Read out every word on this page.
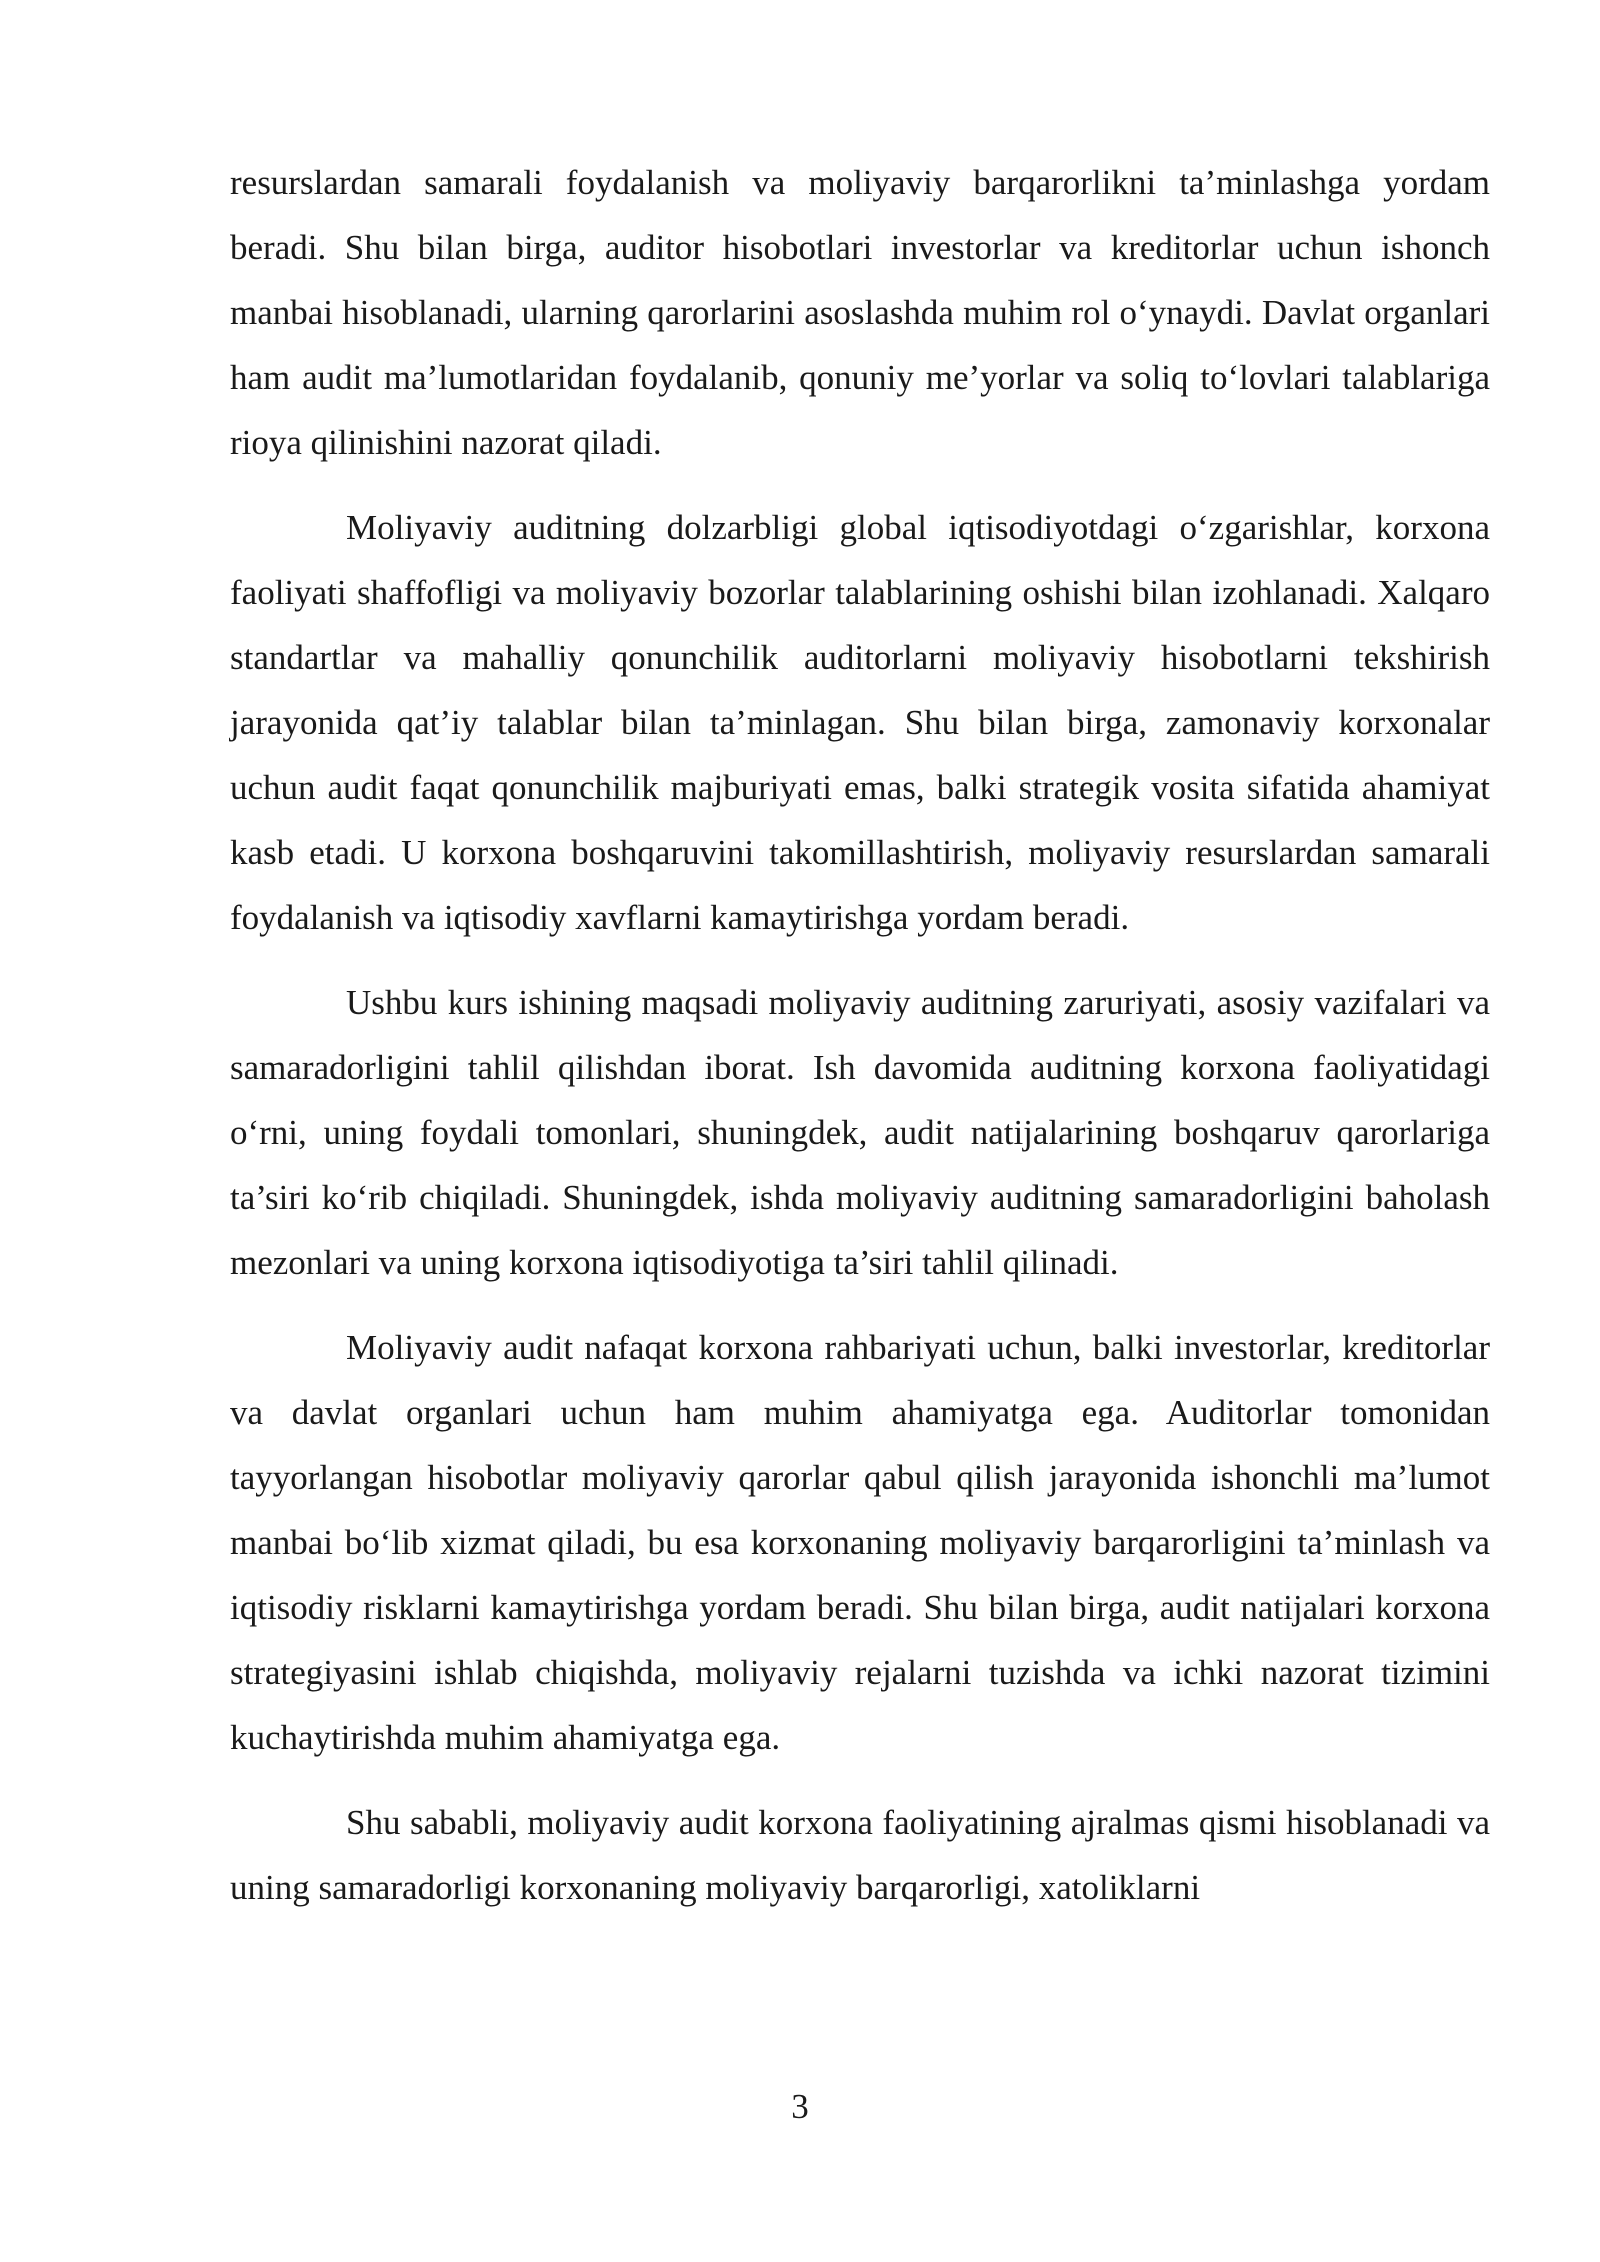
resurslardan samarali foydalanish va moliyaviy barqarorlikni ta’minlashga yordam beradi. Shu bilan birga, auditor hisobotlari investorlar va kreditorlar uchun ishonch manbai hisoblanadi, ularning qarorlarini asoslashda muhim rol o‘ynaydi. Davlat organlari ham audit ma’lumotlaridan foydalanib, qonuniy me’yorlar va soliq to‘lovlari talablariga rioya qilinishini nazorat qiladi.

Moliyaviy auditning dolzarbligi global iqtisodiyotdagi o‘zgarishlar, korxona faoliyati shaffofligi va moliyaviy bozorlar talablarining oshishi bilan izohlanadi. Xalqaro standartlar va mahalliy qonunchilik auditorlarni moliyaviy hisobotlarni tekshirish jarayonida qat’iy talablar bilan ta’minlagan. Shu bilan birga, zamonaviy korxonalar uchun audit faqat qonunchilik majburiyati emas, balki strategik vosita sifatida ahamiyat kasb etadi. U korxona boshqaruvini takomillashtirish, moliyaviy resurslardan samarali foydalanish va iqtisodiy xavflarni kamaytirishga yordam beradi.

Ushbu kurs ishining maqsadi moliyaviy auditning zaruriyati, asosiy vazifalari va samaradorligini tahlil qilishdan iborat. Ish davomida auditning korxona faoliyatidagi o‘rni, uning foydali tomonlari, shuningdek, audit natijalarining boshqaruv qarorlariga ta’siri ko‘rib chiqiladi. Shuningdek, ishda moliyaviy auditning samaradorligini baholash mezonlari va uning korxona iqtisodiyotiga ta’siri tahlil qilinadi.

Moliyaviy audit nafaqat korxona rahbariyati uchun, balki investorlar, kreditorlar va davlat organlari uchun ham muhim ahamiyatga ega. Auditorlar tomonidan tayyorlangan hisobotlar moliyaviy qarorlar qabul qilish jarayonida ishonchli ma’lumot manbai bo‘lib xizmat qiladi, bu esa korxonaning moliyaviy barqarorligini ta’minlash va iqtisodiy risklarni kamaytirishga yordam beradi. Shu bilan birga, audit natijalari korxona strategiyasini ishlab chiqishda, moliyaviy rejalarni tuzishda va ichki nazorat tizimini kuchaytirishda muhim ahamiyatga ega.

Shu sababli, moliyaviy audit korxona faoliyatining ajralmas qismi hisoblanadi va uning samaradorligi korxonaning moliyaviy barqarorligi, xatoliklarni

3
